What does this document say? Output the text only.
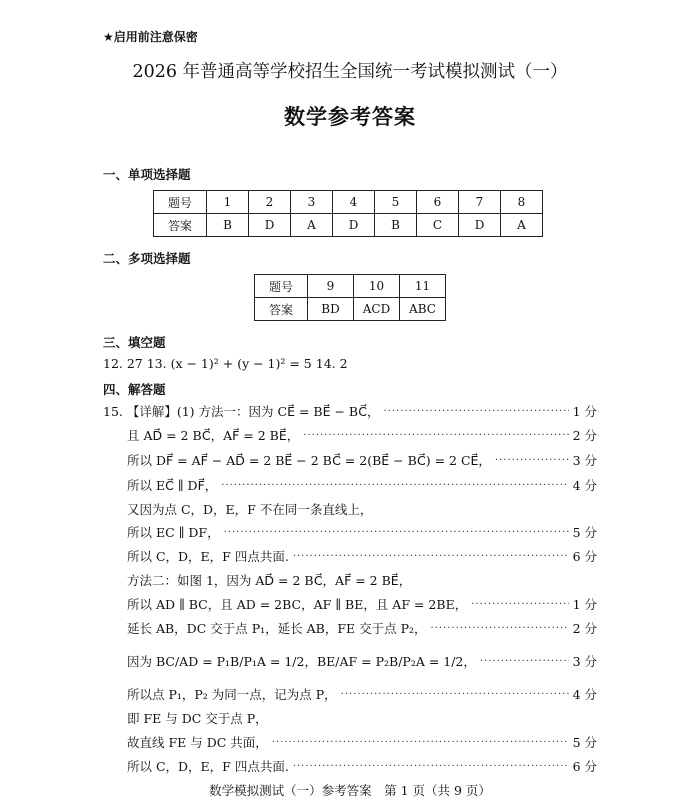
★启用前注意保密
2026 年普通高等学校招生全国统一考试模拟测试（一）
数学参考答案
一、单项选择题
题号	1	2	3	4	5	6	7	8
答案	B	D	A	D	B	C	D	A
二、多项选择题
题号	9	10	11
答案	BD	ACD	ABC
三、填空题
12. 27 13. (x − 1)² + (y − 1)² = 5 14. 2
四、解答题
15. 【详解】(1) 方法一：因为 CE⃗ = BE⃗ − BC⃗， ·····	1 分
且 AD⃗ = 2 BC⃗，AF⃗ = 2 BE⃗， ·····	2 分
所以 DF⃗ = AF⃗ − AD⃗ = 2 BE⃗ − 2 BC⃗ = 2(BE⃗ − BC⃗) = 2 CE⃗， ·····	3 分
所以 EC⃗ ∥ DF⃗， ·····	4 分
又因为点 C，D，E，F 不在同一条直线上，
所以 EC ∥ DF， ·····	5 分
所以 C，D，E，F 四点共面. ·····	6 分
方法二：如图 1，因为 AD⃗ = 2 BC⃗，AF⃗ = 2 BE⃗，
所以 AD ∥ BC，且 AD = 2BC，AF ∥ BE，且 AF = 2BE， ·····	1 分
延长 AB，DC 交于点 P₁，延长 AB，FE 交于点 P₂， ·····	2 分
因为 BC/AD = P₁B/P₁A = 1/2，BE/AF = P₂B/P₂A = 1/2， ·····	3 分
所以点 P₁，P₂ 为同一点，记为点 P， ·····	4 分
即 FE 与 DC 交于点 P，
故直线 FE 与 DC 共面， ·····	5 分
所以 C，D，E，F 四点共面. ·····	6 分
数学模拟测试（一）参考答案　第 1 页（共 9 页）
